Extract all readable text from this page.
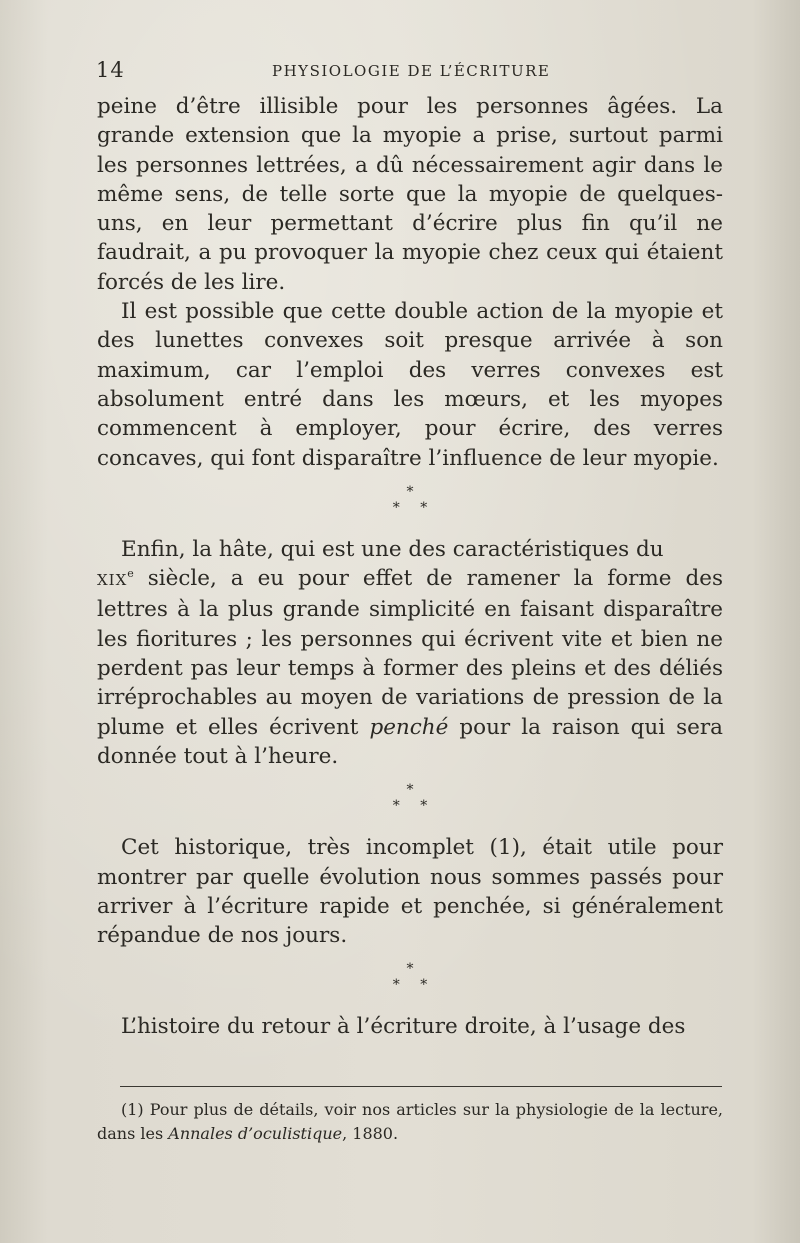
14	PHYSIOLOGIE DE L’ÉCRITURE

peine d’être illisible pour les personnes âgées. La grande extension que la myopie a prise, surtout parmi les personnes lettrées, a dû nécessairement agir dans le même sens, de telle sorte que la myopie de quelques-uns, en leur permettant d’écrire plus fin qu’il ne faudrait, a pu provoquer la myopie chez ceux qui étaient forcés de les lire.

Il est possible que cette double action de la myopie et des lunettes convexes soit presque arrivée à son maximum, car l’emploi des verres convexes est absolument entré dans les mœurs, et les myopes commencent à employer, pour écrire, des verres concaves, qui font disparaître l’influence de leur myopie.

*
* *

Enfin, la hâte, qui est une des caractéristiques du
XIXe siècle, a eu pour effet de ramener la forme des lettres à la plus grande simplicité en faisant disparaître les fioritures ; les personnes qui écrivent vite et bien ne perdent pas leur temps à former des pleins et des déliés irréprochables au moyen de variations de pression de la plume et elles écrivent penché pour la raison qui sera donnée tout à l’heure.

*
* *

Cet historique, très incomplet (1), était utile pour montrer par quelle évolution nous sommes passés pour arriver à l’écriture rapide et penchée, si généralement répandue de nos jours.

*
* *

L’histoire du retour à l’écriture droite, à l’usage des

(1) Pour plus de détails, voir nos articles sur la physiologie de la lecture, dans les Annales d’oculistique, 1880.
